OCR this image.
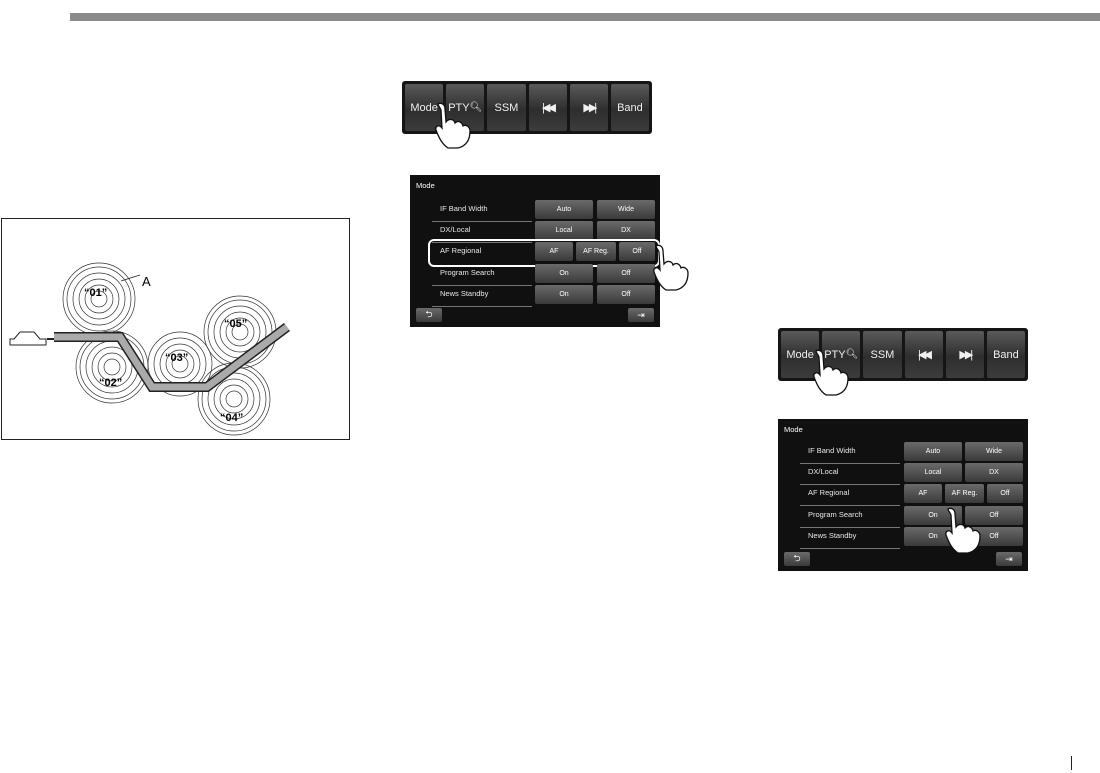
Mode PTY 🔍︎ SSM |◀◀	▶▶| Band
Mode
IF Band Width	Auto	Wide
DX/Local	Local	DX
AF Regional	AF	AF Reg.	Off
Program Search	On	Off
News Standby	On	Off
⮌	⇥
A
“01”
“02”
“03”
“04”
“05”
Mode PTY 🔍︎ SSM |◀◀	▶▶| Band
Mode
IF Band Width	Auto	Wide
DX/Local	Local	DX
AF Regional	AF	AF Reg.	Off
Program Search	On	Off
News Standby	On	Off
⮌	⇥
